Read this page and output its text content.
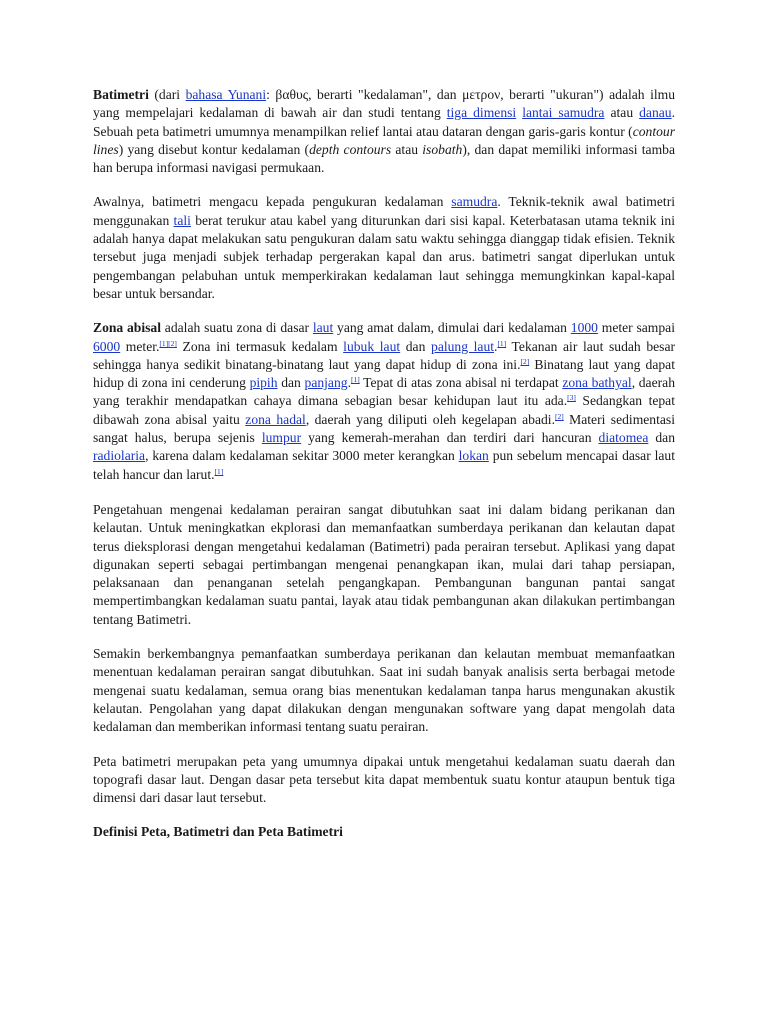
Batimetri (dari bahasa Yunani: βαθυς, berarti "kedalaman", dan μετρον, berarti "ukuran") adalah ilmu yang mempelajari kedalaman di bawah air dan studi tentang tiga dimensi lantai samudra atau danau. Sebuah peta batimetri umumnya menampilkan relief lantai atau dataran dengan garis-garis kontur (contour lines) yang disebut kontur kedalaman (depth contours atau isobath), dan dapat memiliki informasi tamba han berupa informasi navigasi permukaan.

Awalnya, batimetri mengacu kepada pengukuran kedalaman samudra. Teknik-teknik awal batimetri menggunakan tali berat terukur atau kabel yang diturunkan dari sisi kapal. Keterbatasan utama teknik ini adalah hanya dapat melakukan satu pengukuran dalam satu waktu sehingga dianggap tidak efisien. Teknik tersebut juga menjadi subjek terhadap pergerakan kapal dan arus. batimetri sangat diperlukan untuk pengembangan pelabuhan untuk memperkirakan kedalaman laut sehingga memungkinkan kapal-kapal besar untuk bersandar.

Zona abisal adalah suatu zona di dasar laut yang amat dalam, dimulai dari kedalaman 1000 meter sampai 6000 meter.[1][2] Zona ini termasuk kedalam lubuk laut dan palung laut.[1] Tekanan air laut sudah besar sehingga hanya sedikit binatang-binatang laut yang dapat hidup di zona ini.[2] Binatang laut yang dapat hidup di zona ini cenderung pipih dan panjang.[1] Tepat di atas zona abisal ni terdapat zona bathyal, daerah yang terakhir mendapatkan cahaya dimana sebagian besar kehidupan laut itu ada.[3] Sedangkan tepat dibawah zona abisal yaitu zona hadal, daerah yang diliputi oleh kegelapan abadi.[2] Materi sedimentasi sangat halus, berupa sejenis lumpur yang kemerah-merahan dan terdiri dari hancuran diatomea dan radiolaria, karena dalam kedalaman sekitar 3000 meter kerangkan lokan pun sebelum mencapai dasar laut telah hancur dan larut.[1]

Pengetahuan mengenai kedalaman perairan sangat dibutuhkan saat ini dalam bidang perikanan dan kelautan. Untuk meningkatkan ekplorasi dan memanfaatkan sumberdaya perikanan dan kelautan dapat terus dieksplorasi dengan mengetahui kedalaman (Batimetri) pada perairan tersebut. Aplikasi yang dapat digunakan seperti sebagai pertimbangan mengenai penangkapan ikan, mulai dari tahap persiapan, pelaksanaan dan penanganan setelah pengangkapan. Pembangunan bangunan pantai sangat mempertimbangkan kedalaman suatu pantai, layak atau tidak pembangunan akan dilakukan pertimbangan tentang Batimetri.

Semakin berkembangnya pemanfaatkan sumberdaya perikanan dan kelautan membuat memanfaatkan menentuan kedalaman perairan sangat dibutuhkan. Saat ini sudah banyak analisis serta berbagai metode mengenai suatu kedalaman, semua orang bias menentukan kedalaman tanpa harus mengunakan akustik kelautan. Pengolahan yang dapat dilakukan dengan mengunakan software yang dapat mengolah data kedalaman dan memberikan informasi tentang suatu perairan.

Peta batimetri merupakan peta yang umumnya dipakai untuk mengetahui kedalaman suatu daerah dan topografi dasar laut. Dengan dasar peta tersebut kita dapat membentuk suatu kontur ataupun bentuk tiga dimensi dari dasar laut tersebut.

Definisi Peta, Batimetri dan Peta Batimetri
